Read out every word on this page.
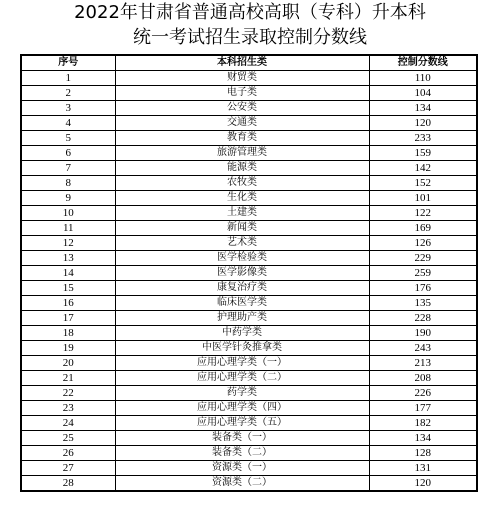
2022年甘肃省普通高校高职（专科）升本科
统一考试招生录取控制分数线
序号	本科招生类	控制分数线
1	财贸类	110
2	电子类	104
3	公安类	134
4	交通类	120
5	教育类	233
6	旅游管理类	159
7	能源类	142
8	农牧类	152
9	生化类	101
10	土建类	122
11	新闻类	169
12	艺术类	126
13	医学检验类	229
14	医学影像类	259
15	康复治疗类	176
16	临床医学类	135
17	护理助产类	228
18	中药学类	190
19	中医学针灸推拿类	243
20	应用心理学类（一）	213
21	应用心理学类（二）	208
22	药学类	226
23	应用心理学类（四）	177
24	应用心理学类（五）	182
25	装备类（一）	134
26	装备类（二）	128
27	资源类（一）	131
28	资源类（二）	120
